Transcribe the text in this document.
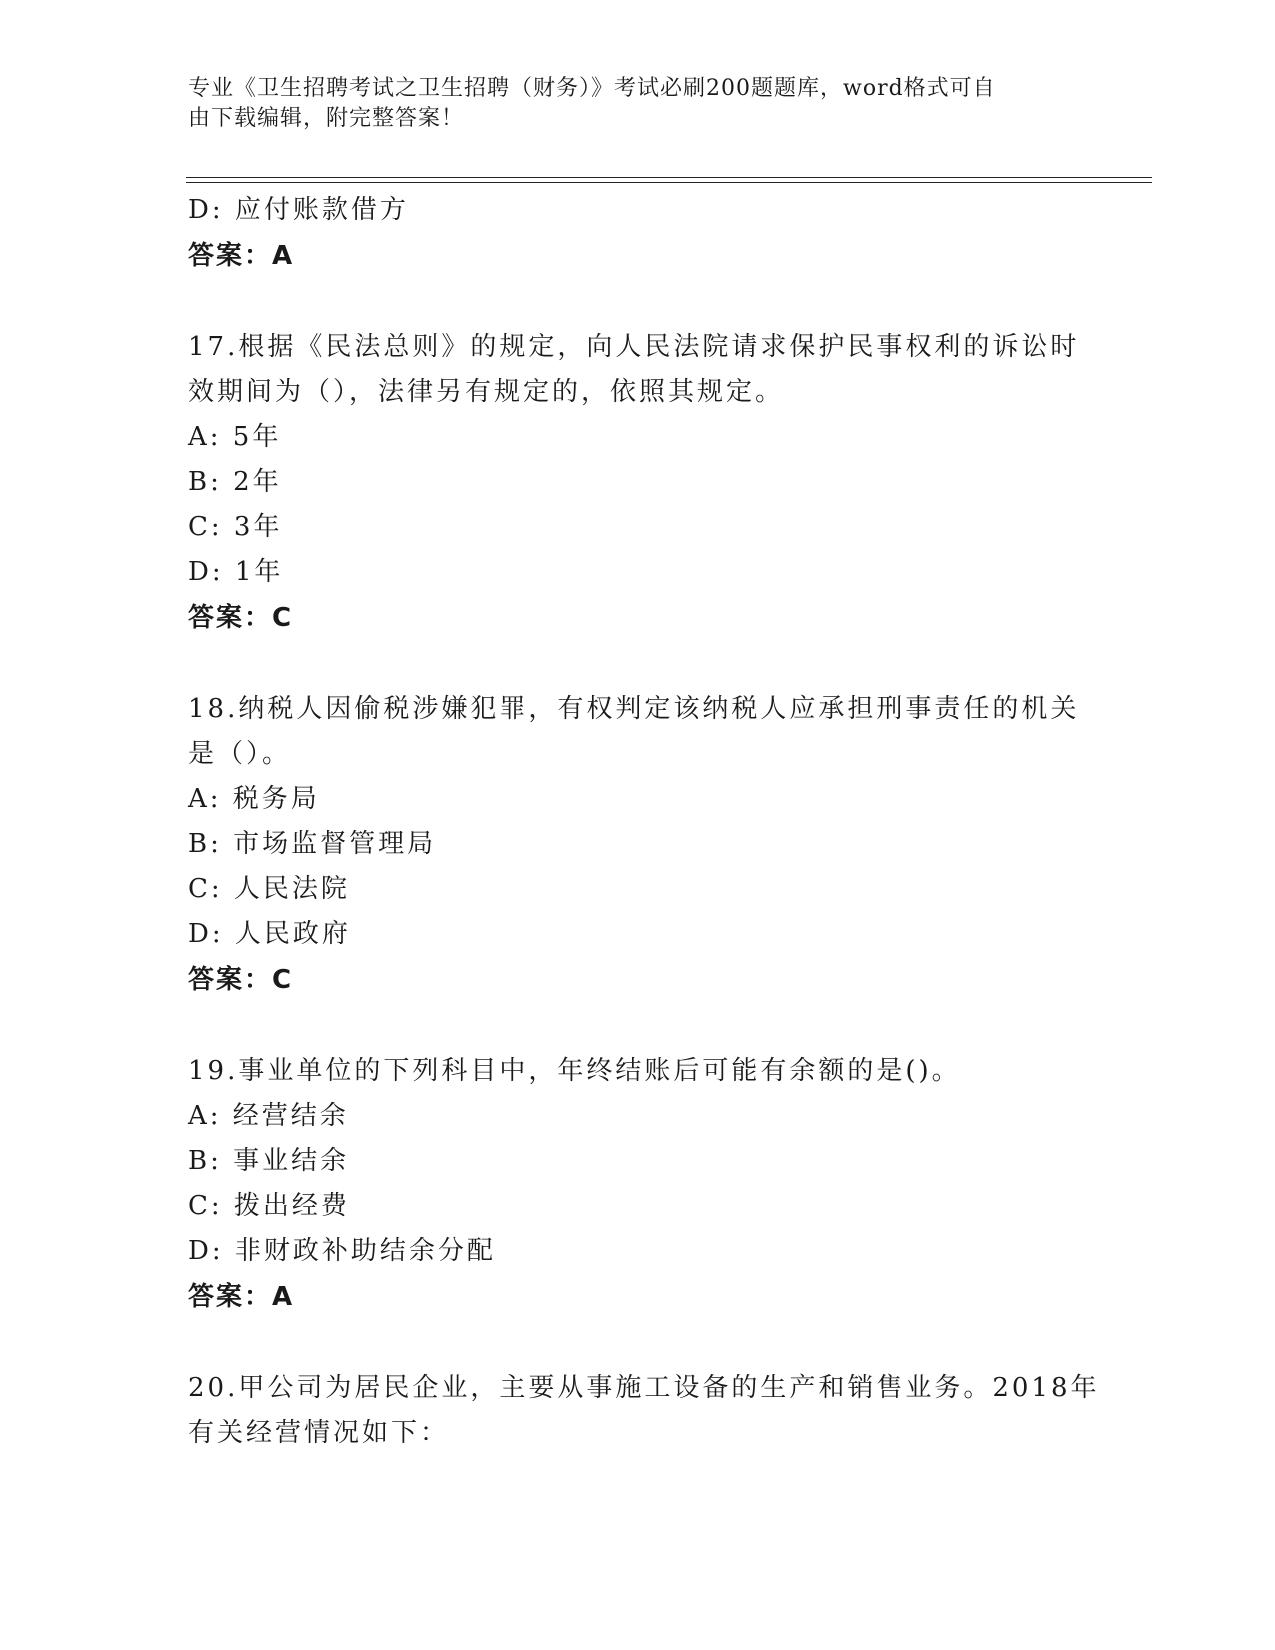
专业《卫生招聘考试之卫生招聘（财务）》考试必刷200题题库，word格式可自
由下载编辑，附完整答案！
D: 应付账款借方
答案：A
17.根据《民法总则》的规定，向人民法院请求保护民事权利的诉讼时
效期间为（），法律另有规定的，依照其规定。
A: 5年
B: 2年
C: 3年
D: 1年
答案：C
18.纳税人因偷税涉嫌犯罪，有权判定该纳税人应承担刑事责任的机关
是（）。
A: 税务局
B: 市场监督管理局
C: 人民法院
D: 人民政府
答案：C
19.事业单位的下列科目中，年终结账后可能有余额的是()。
A: 经营结余
B: 事业结余
C: 拨出经费
D: 非财政补助结余分配
答案：A
20.甲公司为居民企业，主要从事施工设备的生产和销售业务。2018年
有关经营情况如下：
